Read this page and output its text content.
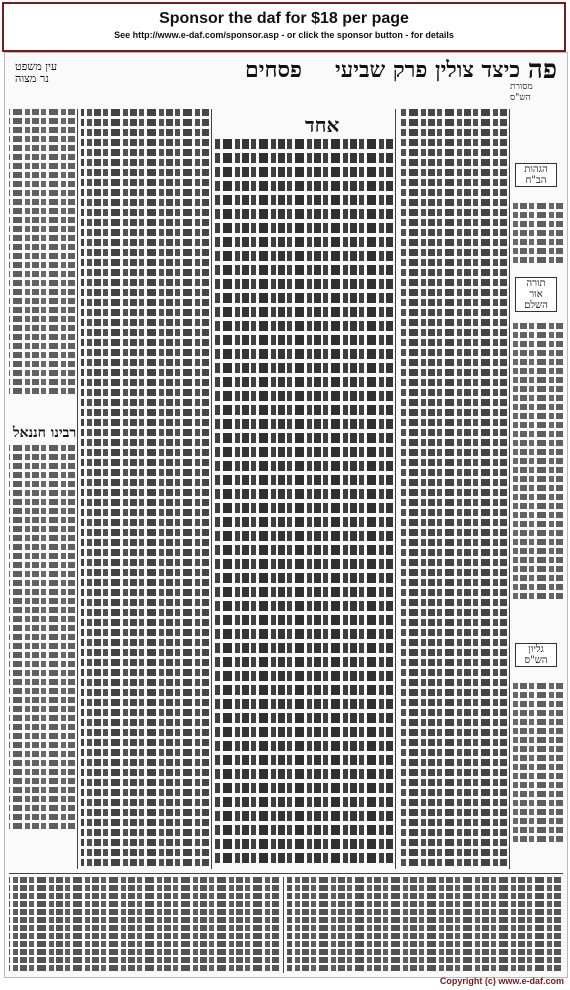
Sponsor the daf for $18 per page
See http://www.e-daf.com/sponsor.asp - or click the sponsor button - for details
פה
פסחים כיצד צולין פרק שביעי
עין משפט
נר מצוה
מסורת
הש"ס
רבינו חננאל
אחד
הגהות
הב"ח
תורה
אור
השלם
גליון
הש"ס
Copyright (c) www.e-daf.com
